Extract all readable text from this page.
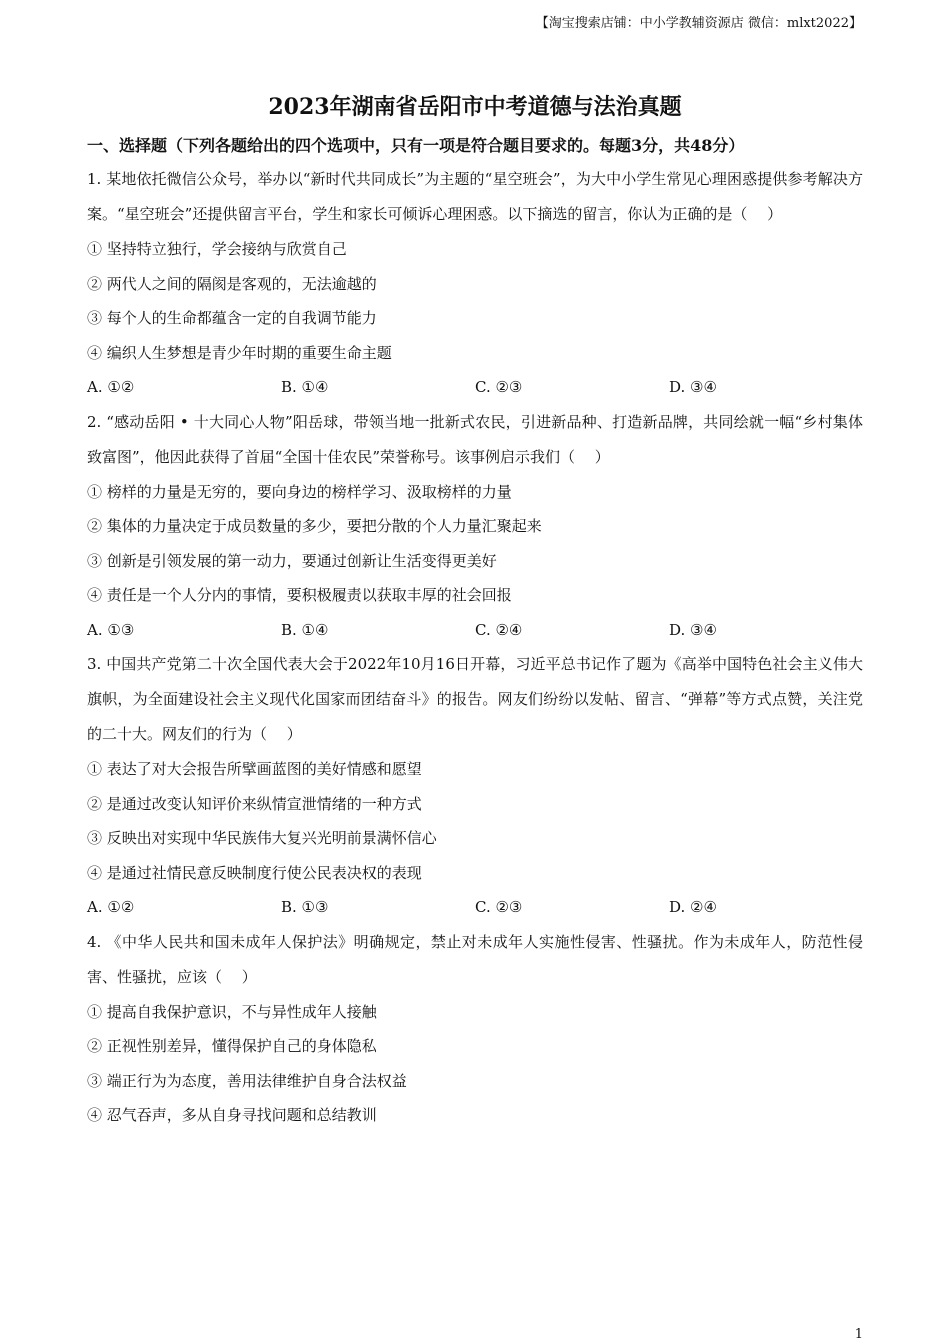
【淘宝搜索店铺：中小学教辅资源店 微信：mlxt2022】
2023年湖南省岳阳市中考道德与法治真题
一、选择题（下列各题给出的四个选项中，只有一项是符合题目要求的。每题3分，共48分）
1. 某地依托微信公众号，举办以“新时代共同成长”为主题的“星空班会”，为大中小学生常见心理困惑提供参考解决方案。“星空班会”还提供留言平台，学生和家长可倾诉心理困惑。以下摘选的留言，你认为正确的是（　 ）
① 坚持特立独行，学会接纳与欣赏自己
② 两代人之间的隔阂是客观的，无法逾越的
③ 每个人的生命都蕴含一定的自我调节能力
④ 编织人生梦想是青少年时期的重要生命主题
A. ①②	B. ①④	C. ②③	D. ③④
2. “感动岳阳 • 十大同心人物”阳岳球，带领当地一批新式农民，引进新品种、打造新品牌，共同绘就一幅“乡村集体致富图”，他因此获得了首届“全国十佳农民”荣誉称号。该事例启示我们（　 ）
① 榜样的力量是无穷的，要向身边的榜样学习、汲取榜样的力量
② 集体的力量决定于成员数量的多少，要把分散的个人力量汇聚起来
③ 创新是引领发展的第一动力，要通过创新让生活变得更美好
④ 责任是一个人分内的事情，要积极履责以获取丰厚的社会回报
A. ①③	B. ①④	C. ②④	D. ③④
3. 中国共产党第二十次全国代表大会于2022年10月16日开幕，习近平总书记作了题为《高举中国特色社会主义伟大旗帜，为全面建设社会主义现代化国家而团结奋斗》的报告。网友们纷纷以发帖、留言、“弹幕”等方式点赞，关注党的二十大。网友们的行为（　 ）
① 表达了对大会报告所擘画蓝图的美好情感和愿望
② 是通过改变认知评价来纵情宣泄情绪的一种方式
③ 反映出对实现中华民族伟大复兴光明前景满怀信心
④ 是通过社情民意反映制度行使公民表决权的表现
A. ①②	B. ①③	C. ②③	D. ②④
4. 《中华人民共和国未成年人保护法》明确规定，禁止对未成年人实施性侵害、性骚扰。作为未成年人，防范性侵害、性骚扰，应该（　 ）
① 提高自我保护意识，不与异性成年人接触
② 正视性别差异，懂得保护自己的身体隐私
③ 端正行为为态度，善用法律维护自身合法权益
④ 忍气吞声，多从自身寻找问题和总结教训
1
